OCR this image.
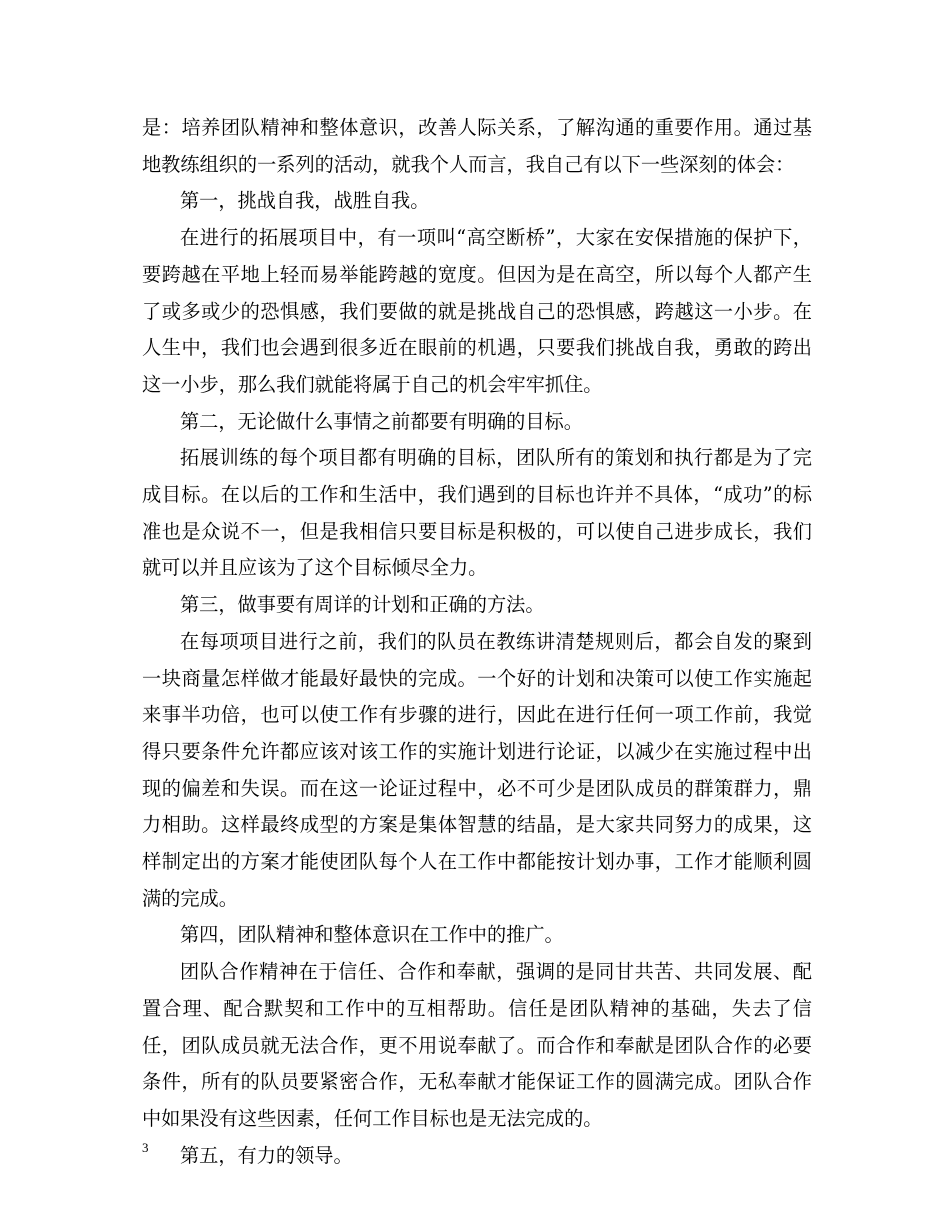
是：培养团队精神和整体意识，改善人际关系，了解沟通的重要作用。通过基地教练组织的一系列的活动，就我个人而言，我自己有以下一些深刻的体会：

第一，挑战自我，战胜自我。

在进行的拓展项目中，有一项叫“高空断桥”，大家在安保措施的保护下，要跨越在平地上轻而易举能跨越的宽度。但因为是在高空，所以每个人都产生了或多或少的恐惧感，我们要做的就是挑战自己的恐惧感，跨越这一小步。在人生中，我们也会遇到很多近在眼前的机遇，只要我们挑战自我，勇敢的跨出这一小步，那么我们就能将属于自己的机会牢牢抓住。

第二，无论做什么事情之前都要有明确的目标。

拓展训练的每个项目都有明确的目标，团队所有的策划和执行都是为了完成目标。在以后的工作和生活中，我们遇到的目标也许并不具体，“成功”的标准也是众说不一，但是我相信只要目标是积极的，可以使自己进步成长，我们就可以并且应该为了这个目标倾尽全力。

第三，做事要有周详的计划和正确的方法。

在每项项目进行之前，我们的队员在教练讲清楚规则后，都会自发的聚到一块商量怎样做才能最好最快的完成。一个好的计划和决策可以使工作实施起来事半功倍，也可以使工作有步骤的进行，因此在进行任何一项工作前，我觉得只要条件允许都应该对该工作的实施计划进行论证，以减少在实施过程中出现的偏差和失误。而在这一论证过程中，必不可少是团队成员的群策群力，鼎力相助。这样最终成型的方案是集体智慧的结晶，是大家共同努力的成果，这样制定出的方案才能使团队每个人在工作中都能按计划办事，工作才能顺利圆满的完成。

第四，团队精神和整体意识在工作中的推广。

团队合作精神在于信任、合作和奉献，强调的是同甘共苦、共同发展、配置合理、配合默契和工作中的互相帮助。信任是团队精神的基础，失去了信任，团队成员就无法合作，更不用说奉献了。而合作和奉献是团队合作的必要条件，所有的队员要紧密合作，无私奉献才能保证工作的圆满完成。团队合作中如果没有这些因素，任何工作目标也是无法完成的。

第五，有力的领导。

3
